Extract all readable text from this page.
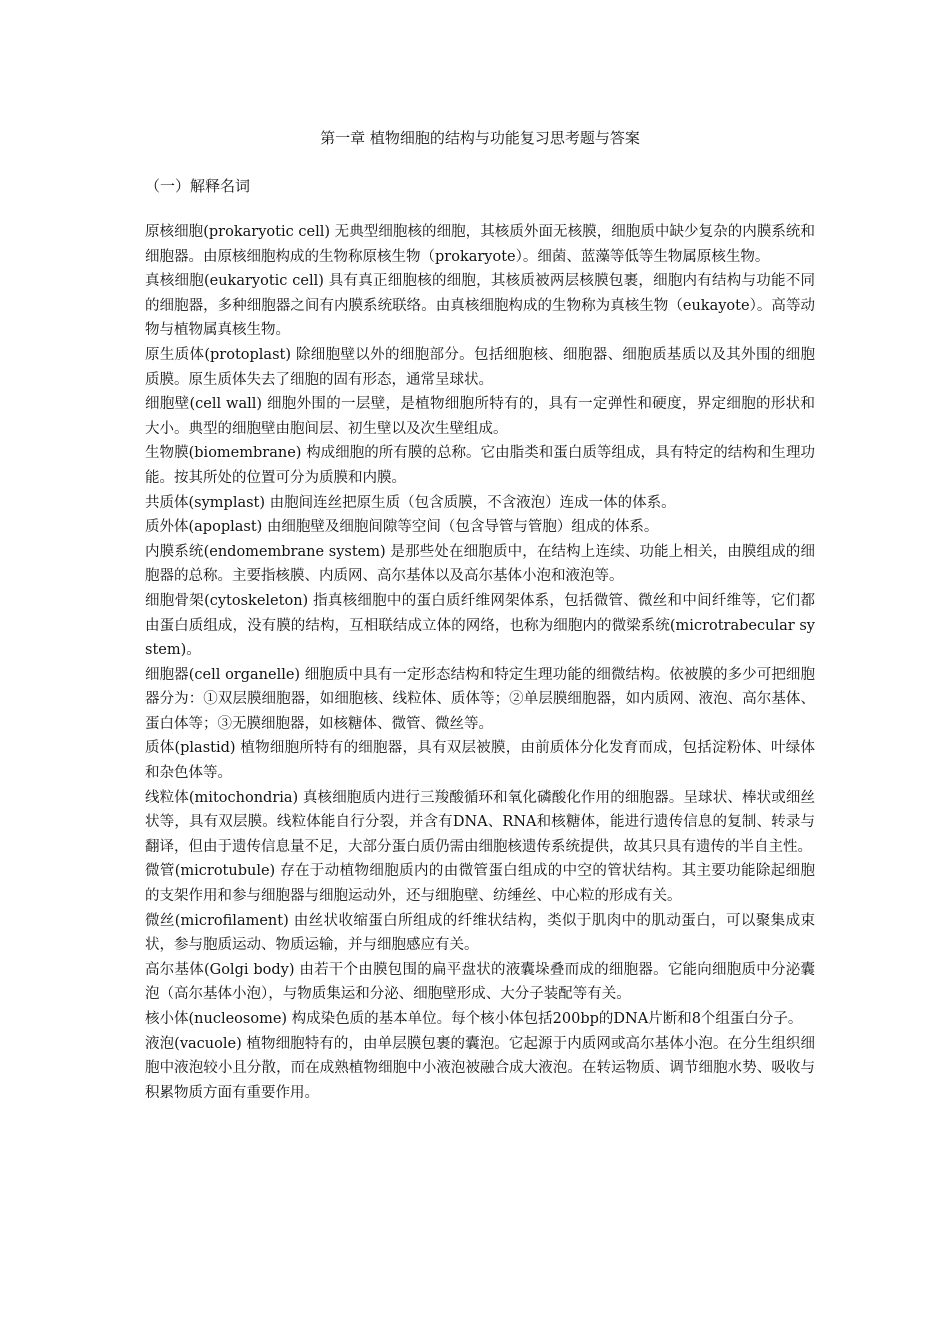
第一章 植物细胞的结构与功能复习思考题与答案

（一）解释名词

原核细胞(prokaryotic cell) 无典型细胞核的细胞，其核质外面无核膜，细胞质中缺少复杂的内膜系统和细胞器。由原核细胞构成的生物称原核生物（prokaryote）。细菌、蓝藻等低等生物属原核生物。

真核细胞(eukaryotic cell) 具有真正细胞核的细胞，其核质被两层核膜包裹，细胞内有结构与功能不同的细胞器，多种细胞器之间有内膜系统联络。由真核细胞构成的生物称为真核生物（eukayote）。高等动物与植物属真核生物。

原生质体(protoplast) 除细胞壁以外的细胞部分。包括细胞核、细胞器、细胞质基质以及其外围的细胞质膜。原生质体失去了细胞的固有形态，通常呈球状。

细胞壁(cell wall) 细胞外围的一层壁，是植物细胞所特有的，具有一定弹性和硬度，界定细胞的形状和大小。典型的细胞壁由胞间层、初生壁以及次生壁组成。

生物膜(biomembrane) 构成细胞的所有膜的总称。它由脂类和蛋白质等组成，具有特定的结构和生理功能。按其所处的位置可分为质膜和内膜。

共质体(symplast) 由胞间连丝把原生质（包含质膜，不含液泡）连成一体的体系。

质外体(apoplast) 由细胞壁及细胞间隙等空间（包含导管与管胞）组成的体系。

内膜系统(endomembrane system) 是那些处在细胞质中，在结构上连续、功能上相关，由膜组成的细胞器的总称。主要指核膜、内质网、高尔基体以及高尔基体小泡和液泡等。

细胞骨架(cytoskeleton) 指真核细胞中的蛋白质纤维网架体系，包括微管、微丝和中间纤维等，它们都由蛋白质组成，没有膜的结构，互相联结成立体的网络，也称为细胞内的微梁系统(microtrabecular system)。

细胞器(cell organelle) 细胞质中具有一定形态结构和特定生理功能的细微结构。依被膜的多少可把细胞器分为：①双层膜细胞器，如细胞核、线粒体、质体等；②单层膜细胞器，如内质网、液泡、高尔基体、蛋白体等；③无膜细胞器，如核糖体、微管、微丝等。

质体(plastid) 植物细胞所特有的细胞器，具有双层被膜，由前质体分化发育而成，包括淀粉体、叶绿体和杂色体等。

线粒体(mitochondria) 真核细胞质内进行三羧酸循环和氧化磷酸化作用的细胞器。呈球状、棒状或细丝状等，具有双层膜。线粒体能自行分裂，并含有DNA、RNA和核糖体，能进行遗传信息的复制、转录与翻译，但由于遗传信息量不足，大部分蛋白质仍需由细胞核遗传系统提供，故其只具有遗传的半自主性。

微管(microtubule) 存在于动植物细胞质内的由微管蛋白组成的中空的管状结构。其主要功能除起细胞的支架作用和参与细胞器与细胞运动外，还与细胞壁、纺缍丝、中心粒的形成有关。

微丝(microfilament) 由丝状收缩蛋白所组成的纤维状结构，类似于肌肉中的肌动蛋白，可以聚集成束状，参与胞质运动、物质运输，并与细胞感应有关。

高尔基体(Golgi body) 由若干个由膜包围的扁平盘状的液囊垛叠而成的细胞器。它能向细胞质中分泌囊泡（高尔基体小泡），与物质集运和分泌、细胞壁形成、大分子装配等有关。

核小体(nucleosome) 构成染色质的基本单位。每个核小体包括200bp的DNA片断和8个组蛋白分子。

液泡(vacuole) 植物细胞特有的，由单层膜包裹的囊泡。它起源于内质网或高尔基体小泡。在分生组织细胞中液泡较小且分散，而在成熟植物细胞中小液泡被融合成大液泡。在转运物质、调节细胞水势、吸收与积累物质方面有重要作用。
